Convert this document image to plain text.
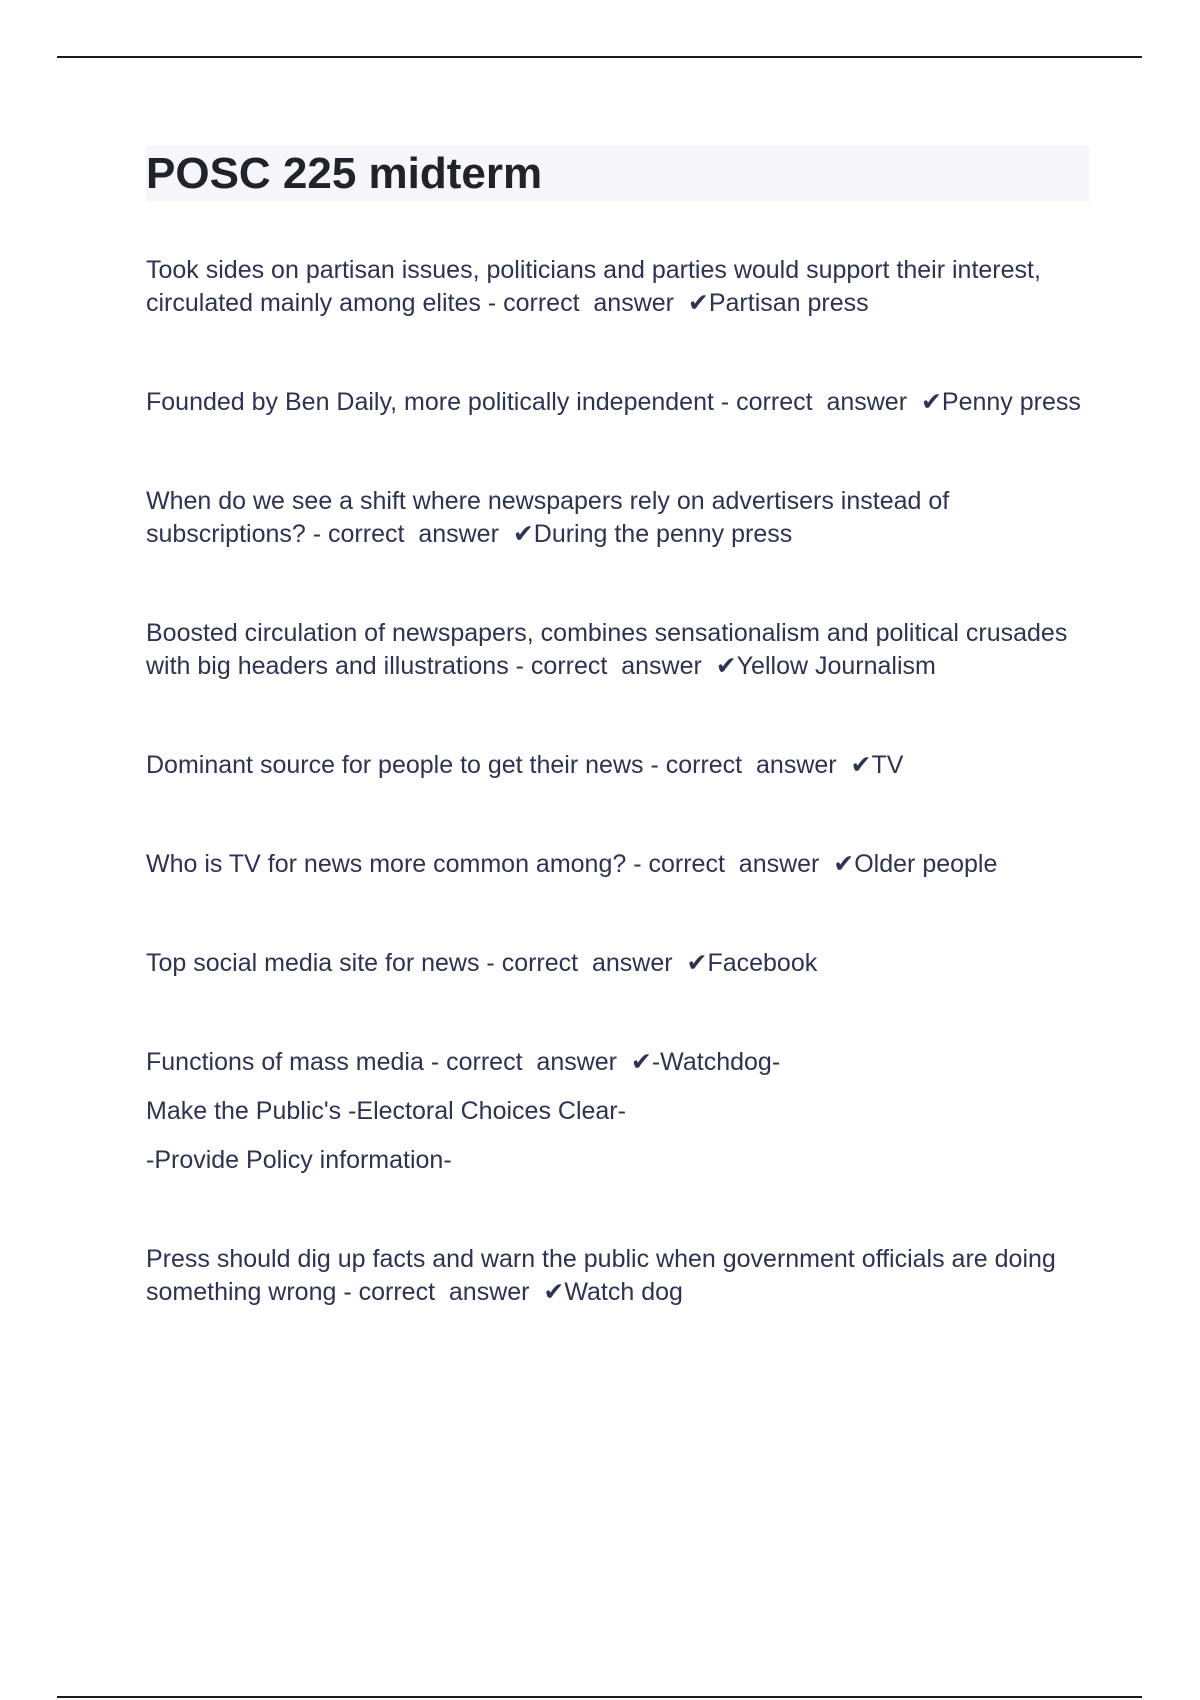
POSC 225 midterm

Took sides on partisan issues, politicians and parties would support their interest, circulated mainly among elites - correct  answer  ✔Partisan press

Founded by Ben Daily, more politically independent - correct  answer  ✔Penny press

When do we see a shift where newspapers rely on advertisers instead of subscriptions? - correct  answer  ✔During the penny press

Boosted circulation of newspapers, combines sensationalism and political crusades with big headers and illustrations - correct  answer  ✔Yellow Journalism

Dominant source for people to get their news - correct  answer  ✔TV

Who is TV for news more common among? - correct  answer  ✔Older people

Top social media site for news - correct  answer  ✔Facebook

Functions of mass media - correct  answer  ✔-Watchdog-

Make the Public's -Electoral Choices Clear-

-Provide Policy information-

Press should dig up facts and warn the public when government officials are doing something wrong - correct  answer  ✔Watch dog
